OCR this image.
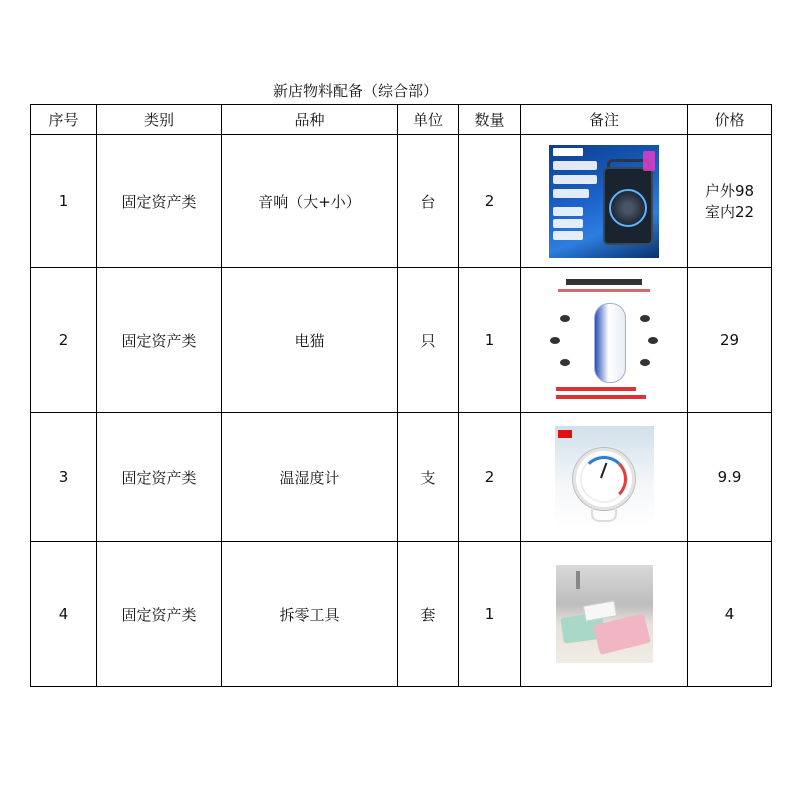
新店物料配备（综合部）
序号	类别	品种	单位	数量	备注	价格
1	固定资产类	音响（大+小）	台	2		户外98
室内22

2	固定资产类	电猫	只	1		29
3	固定资产类	温湿度计	支	2		9.9
4	固定资产类	拆零工具	套	1		4
